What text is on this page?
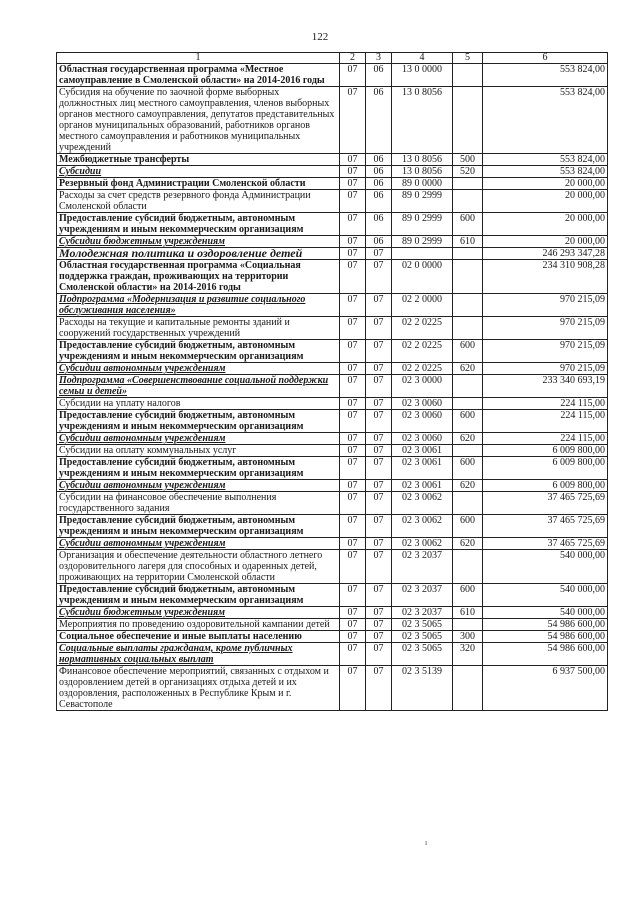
122
1	2	3	4	5	6
Областная государственная программа «Местное самоуправление в Смоленской области» на 2014-2016 годы	07	06	13 0 0000		553 824,00
Субсидия на обучение по заочной форме выборных должностных лиц местного самоуправления, членов выборных органов местного самоуправления, депутатов представительных органов муниципальных образований, работников органов местного самоуправления и работников муниципальных учреждений	07	06	13 0 8056		553 824,00
Межбюджетные трансферты	07	06	13 0 8056	500	553 824,00
Субсидии	07	06	13 0 8056	520	553 824,00
Резервный фонд Администрации Смоленской области	07	06	89 0 0000		20 000,00
Расходы за счет средств резервного фонда Администрации Смоленской области	07	06	89 0 2999		20 000,00
Предоставление субсидий бюджетным, автономным учреждениям и иным некоммерческим организациям	07	06	89 0 2999	600	20 000,00
Субсидии бюджетным учреждениям	07	06	89 0 2999	610	20 000,00
Молодежная политика и оздоровление детей	07	07			246 293 347,28
Областная государственная программа «Социальная поддержка граждан, проживающих на территории Смоленской области» на 2014-2016 годы	07	07	02 0 0000		234 310 908,28
Подпрограмма «Модернизация и развитие социального обслуживания населения»	07	07	02 2 0000		970 215,09
Расходы на текущие и капитальные ремонты зданий и сооружений государственных учреждений	07	07	02 2 0225		970 215,09
Предоставление субсидий бюджетным, автономным учреждениям и иным некоммерческим организациям	07	07	02 2 0225	600	970 215,09
Субсидии автономным учреждениям	07	07	02 2 0225	620	970 215,09
Подпрограмма «Совершенствование социальной поддержки семьи и детей»	07	07	02 3 0000		233 340 693,19
Субсидии на уплату налогов	07	07	02 3 0060		224 115,00
Предоставление субсидий бюджетным, автономным учреждениям и иным некоммерческим организациям	07	07	02 3 0060	600	224 115,00
Субсидии автономным учреждениям	07	07	02 3 0060	620	224 115,00
Субсидии на оплату коммунальных услуг	07	07	02 3 0061		6 009 800,00
Предоставление субсидий бюджетным, автономным учреждениям и иным некоммерческим организациям	07	07	02 3 0061	600	6 009 800,00
Субсидии автономным учреждениям	07	07	02 3 0061	620	6 009 800,00
Субсидии на финансовое обеспечение выполнения государственного задания	07	07	02 3 0062		37 465 725,69
Предоставление субсидий бюджетным, автономным учреждениям и иным некоммерческим организациям	07	07	02 3 0062	600	37 465 725,69
Субсидии автономным учреждениям	07	07	02 3 0062	620	37 465 725,69
Организация и обеспечение деятельности областного летнего оздоровительного лагеря для способных и одаренных детей, проживающих на территории Смоленской области	07	07	02 3 2037		540 000,00
Предоставление субсидий бюджетным, автономным учреждениям и иным некоммерческим организациям	07	07	02 3 2037	600	540 000,00
Субсидии бюджетным учреждениям	07	07	02 3 2037	610	540 000,00
Мероприятия по проведению оздоровительной кампании детей	07	07	02 3 5065		54 986 600,00
Социальное обеспечение и иные выплаты населению	07	07	02 3 5065	300	54 986 600,00
Социальные выплаты гражданам, кроме публичных нормативных социальных выплат	07	07	02 3 5065	320	54 986 600,00
Финансовое обеспечение мероприятий, связанных с отдыхом и оздоровлением детей в организациях отдыха детей и их оздоровления, расположенных в Республике Крым и г. Севастополе	07	07	02 3 5139		6 937 500,00
ı
